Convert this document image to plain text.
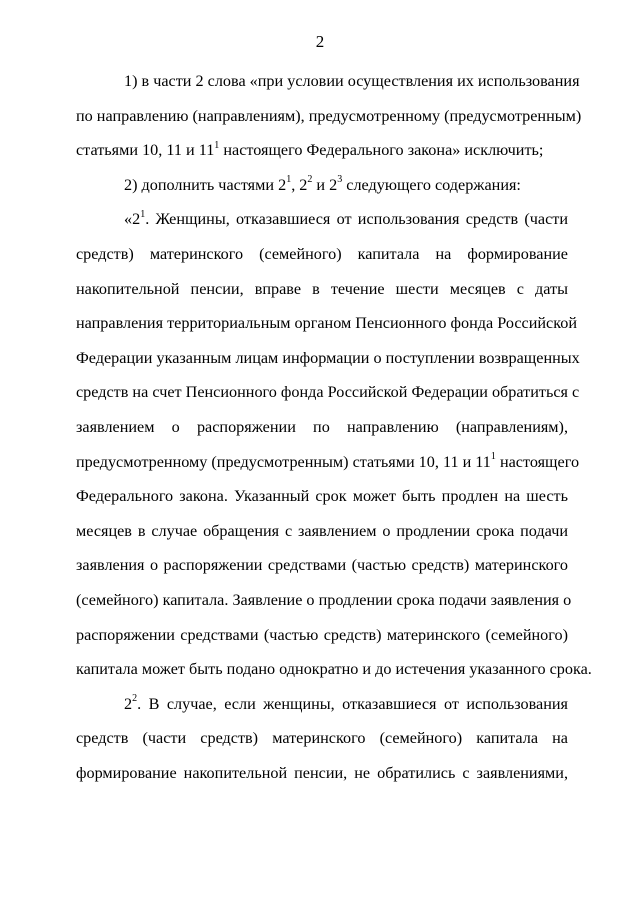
2
1) в части 2 слова «при условии осуществления их использования
по направлению (направлениям), предусмотренному (предусмотренным)
статьями 10, 11 и $11^1$ настоящего Федерального закона» исключить;
2) дополнить частями $2^1$, $2^2$ и $2^3$ следующего содержания:
«$2^1$. Женщины, отказавшиеся от использования средств (части
средств) материнского (семейного) капитала на формирование
накопительной пенсии, вправе в течение шести месяцев с даты
направления территориальным органом Пенсионного фонда Российской
Федерации указанным лицам информации о поступлении возвращенных
средств на счет Пенсионного фонда Российской Федерации обратиться с
заявлением о распоряжении по направлению (направлениям),
предусмотренному (предусмотренным) статьями 10, 11 и $11^1$ настоящего
Федерального закона. Указанный срок может быть продлен на шесть
месяцев в случае обращения с заявлением о продлении срока подачи
заявления о распоряжении средствами (частью средств) материнского
(семейного) капитала. Заявление о продлении срока подачи заявления о
распоряжении средствами (частью средств) материнского (семейного)
капитала может быть подано однократно и до истечения указанного срока.
$2^2$. В случае, если женщины, отказавшиеся от использования
средств (части средств) материнского (семейного) капитала на
формирование накопительной пенсии, не обратились с заявлениями,
